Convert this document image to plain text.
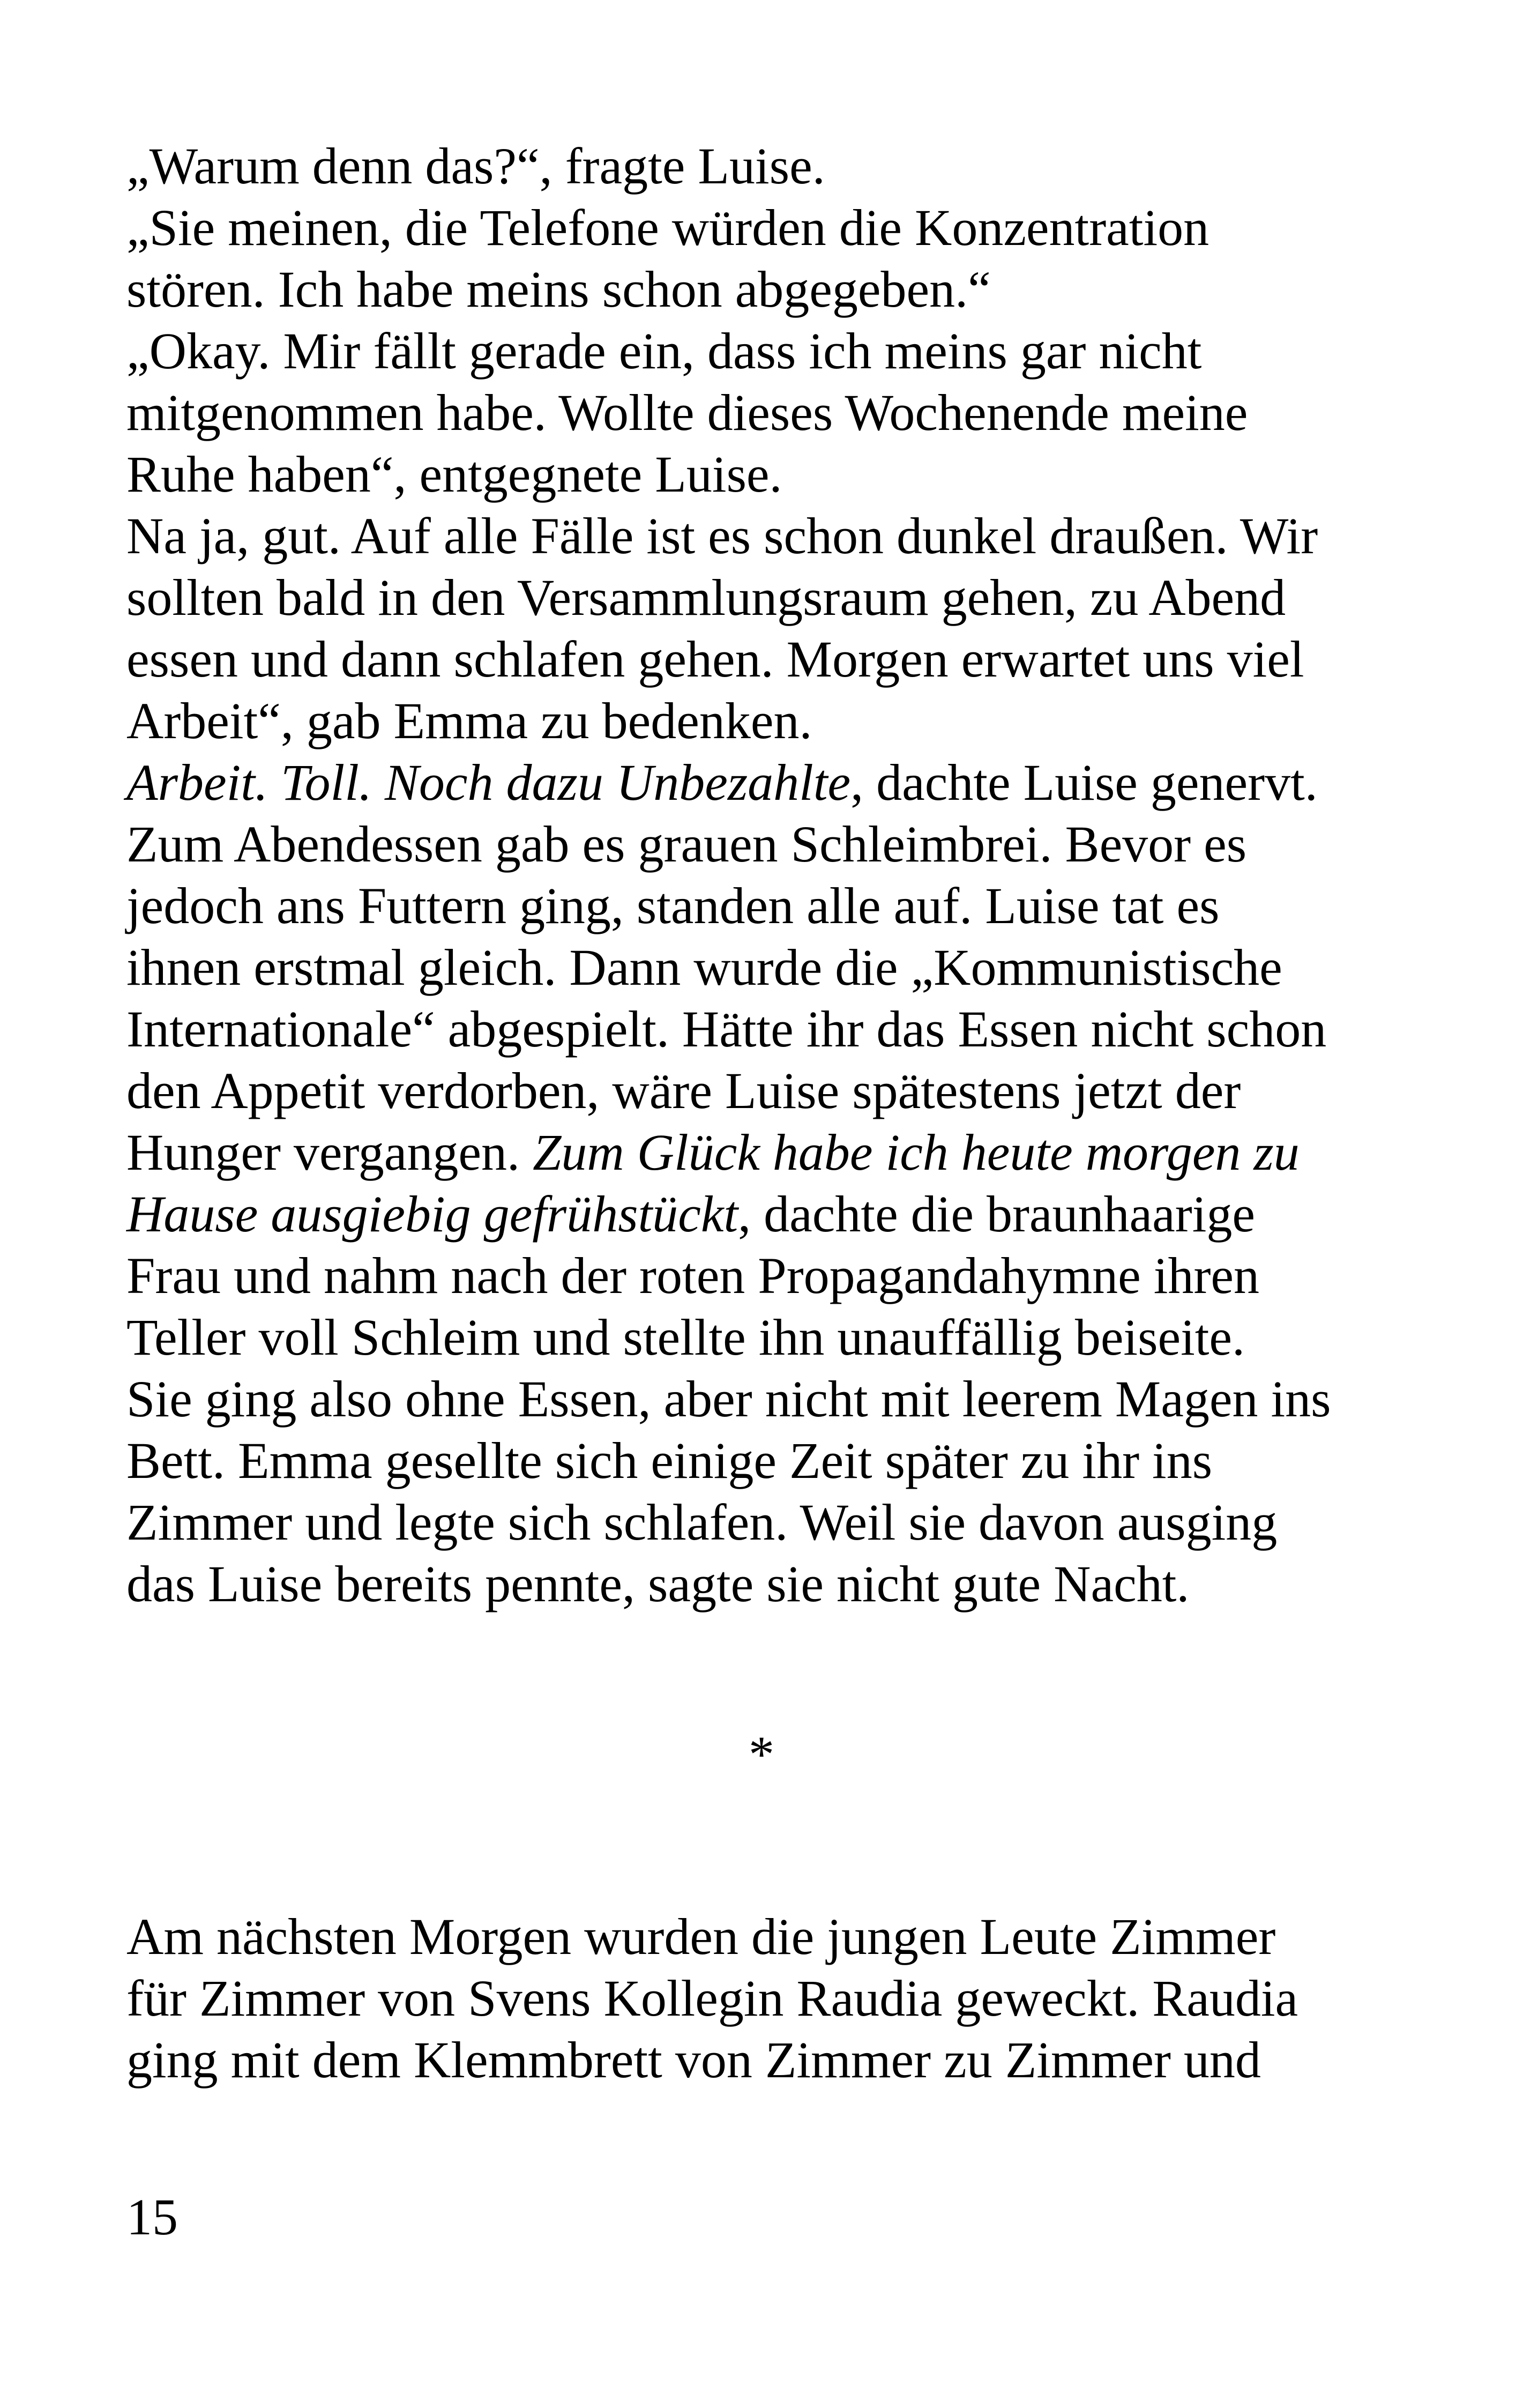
„Warum denn das?“, fragte Luise.
„Sie meinen, die Telefone würden die Konzentration
stören. Ich habe meins schon abgegeben.“
„Okay. Mir fällt gerade ein, dass ich meins gar nicht
mitgenommen habe. Wollte dieses Wochenende meine
Ruhe haben“, entgegnete Luise.
Na ja, gut. Auf alle Fälle ist es schon dunkel draußen. Wir
sollten bald in den Versammlungsraum gehen, zu Abend
essen und dann schlafen gehen. Morgen erwartet uns viel
Arbeit“, gab Emma zu bedenken.
Arbeit. Toll. Noch dazu Unbezahlte, dachte Luise genervt.
Zum Abendessen gab es grauen Schleimbrei. Bevor es
jedoch ans Futtern ging, standen alle auf. Luise tat es
ihnen erstmal gleich. Dann wurde die „Kommunistische
Internationale“ abgespielt. Hätte ihr das Essen nicht schon
den Appetit verdorben, wäre Luise spätestens jetzt der
Hunger vergangen. Zum Glück habe ich heute morgen zu
Hause ausgiebig gefrühstückt, dachte die braunhaarige
Frau und nahm nach der roten Propagandahymne ihren
Teller voll Schleim und stellte ihn unauffällig beiseite.
Sie ging also ohne Essen, aber nicht mit leerem Magen ins
Bett. Emma gesellte sich einige Zeit später zu ihr ins
Zimmer und legte sich schlafen. Weil sie davon ausging
das Luise bereits pennte, sagte sie nicht gute Nacht.
*
Am nächsten Morgen wurden die jungen Leute Zimmer
für Zimmer von Svens Kollegin Raudia geweckt. Raudia
ging mit dem Klemmbrett von Zimmer zu Zimmer und
15
